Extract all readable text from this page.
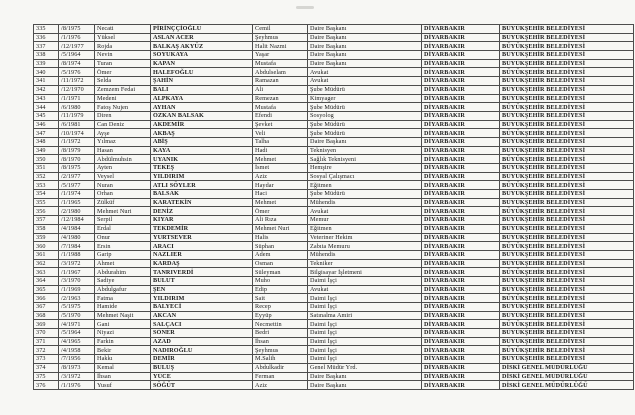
335	/8/1975	Necati	PİRİNÇÇİOĞLU	Cemil	Daire Başkanı	DİYARBAKIR	BÜYÜKŞEHİR BELEDİYESİ
336	/1/1976	Yüksel	ASLAN ACER	Şeyhmus	Daire Başkanı	DİYARBAKIR	BÜYÜKŞEHİR BELEDİYESİ
337	/12/1977	Rojda	BALKAŞ AKYÜZ	Halit Nazmi	Daire Başkanı	DİYARBAKIR	BÜYÜKŞEHİR BELEDİYESİ
338	/5/1964	Nevin	SOYUKAYA	Yaşar	Daire Başkanı	DİYARBAKIR	BÜYÜKŞEHİR BELEDİYESİ
339	/8/1974	Turan	KAPAN	Mustafa	Daire Başkanı	DİYARBAKIR	BÜYÜKŞEHİR BELEDİYESİ
340	/5/1976	Ömer	HALEFOĞLU	Abdulselam	Avukat	DİYARBAKIR	BÜYÜKŞEHİR BELEDİYESİ
341	/11/1972	Selda	ŞAHİN	Ramazan	Avukat	DİYARBAKIR	BÜYÜKŞEHİR BELEDİYESİ
342	/12/1970	Zemzem Fedai	BALI	Ali	Şube Müdürü	DİYARBAKIR	BÜYÜKŞEHİR BELEDİYESİ
343	/1/1971	Medeni	ALPKAYA	Remezan	Kimyager	DİYARBAKIR	BÜYÜKŞEHİR BELEDİYESİ
344	/6/1980	Fatoş Nujen	AYHAN	Mustafa	Şube Müdürü	DİYARBAKIR	BÜYÜKŞEHİR BELEDİYESİ
345	/11/1979	Diren	ÖZKAN BALSAK	Efendi	Sosyolog	DİYARBAKIR	BÜYÜKŞEHİR BELEDİYESİ
346	/6/1981	Can Deniz	AKDEMİR	Şevket	Şube Müdürü	DİYARBAKIR	BÜYÜKŞEHİR BELEDİYESİ
347	/10/1974	Ayşe	AKBAŞ	Veli	Şube Müdürü	DİYARBAKIR	BÜYÜKŞEHİR BELEDİYESİ
348	/1/1972	Yılmaz	ABİŞ	Talha	Daire Başkanı	DİYARBAKIR	BÜYÜKŞEHİR BELEDİYESİ
349	/8/1979	Hasan	KAYA	Hadi	Teknisyen	DİYARBAKIR	BÜYÜKŞEHİR BELEDİYESİ
350	/8/1970	Abdülmuhsin	UYANIK	Mehmet	Sağlık Teknisyeni	DİYARBAKIR	BÜYÜKŞEHİR BELEDİYESİ
351	/8/1975	Ayten	TEKEŞ	İsmet	Hemşire	DİYARBAKIR	BÜYÜKŞEHİR BELEDİYESİ
352	/2/1977	Veysel	YILDIRIM	Aziz	Sosyal Çalışmacı	DİYARBAKIR	BÜYÜKŞEHİR BELEDİYESİ
353	/5/1977	Nuran	ATLI SÖYLER	Haydar	Eğitmen	DİYARBAKIR	BÜYÜKŞEHİR BELEDİYESİ
354	/1/1974	Orhan	BALSAK	Haci	Şube Müdürü	DİYARBAKIR	BÜYÜKŞEHİR BELEDİYESİ
355	/1/1965	Zülküf	KARATEKİN	Mehmet	Mühendis	DİYARBAKIR	BÜYÜKŞEHİR BELEDİYESİ
356	/2/1980	Mehmet Nuri	DENİZ	Ömer	Avukat	DİYARBAKIR	BÜYÜKŞEHİR BELEDİYESİ
357	/12/1984	Serpil	KIYAR	Ali Rıza	Memur	DİYARBAKIR	BÜYÜKŞEHİR BELEDİYESİ
358	/4/1984	Erdal	TEKDEMİR	Mehmet Nuri	Eğitmen	DİYARBAKIR	BÜYÜKŞEHİR BELEDİYESİ
359	/4/1980	Onur	YURTSEVER	Halis	Veteriner Hekim	DİYARBAKIR	BÜYÜKŞEHİR BELEDİYESİ
360	/7/1984	Ersin	ARACI	Süphan	Zabıta Memuru	DİYARBAKIR	BÜYÜKŞEHİR BELEDİYESİ
361	/1/1988	Garip	NAZLIER	Adem	Mühendis	DİYARBAKIR	BÜYÜKŞEHİR BELEDİYESİ
362	/3/1972	Ahmet	KARDAŞ	Osman	Tekniker	DİYARBAKIR	BÜYÜKŞEHİR BELEDİYESİ
363	/1/1967	Abdurahim	TANRIVERDİ	Süleyman	Bilgisayar İşletmeni	DİYARBAKIR	BÜYÜKŞEHİR BELEDİYESİ
364	/3/1970	Sadiye	BULUT	Muho	Daimi İşçi	DİYARBAKIR	BÜYÜKŞEHİR BELEDİYESİ
365	/1/1969	Abdulgafur	ŞEN	Edip	Avukat	DİYARBAKIR	BÜYÜKŞEHİR BELEDİYESİ
366	/2/1963	Fatma	YILDIRIM	Sait	Daimi İşçi	DİYARBAKIR	BÜYÜKŞEHİR BELEDİYESİ
367	/5/1975	Hamide	BALYECİ	Recep	Daimi İşçi	DİYARBAKIR	BÜYÜKŞEHİR BELEDİYESİ
368	/5/1970	Mehmet Naşit	AKCAN	Eyyüp	Satınalma Amiri	DİYARBAKIR	BÜYÜKŞEHİR BELEDİYESİ
369	/4/1971	Gani	SALÇACI	Necmettin	Daimi İşçi	DİYARBAKIR	BÜYÜKŞEHİR BELEDİYESİ
370	/5/1964	Niyazi	SÖNER	Bedri	Daimi İşçi	DİYARBAKIR	BÜYÜKŞEHİR BELEDİYESİ
371	/4/1965	Farkin	AZAD	İhsan	Daimi İşçi	DİYARBAKIR	BÜYÜKŞEHİR BELEDİYESİ
372	/4/1958	Bekir	NADIROĞLU	Şeyhmus	Daimi İşçi	DİYARBAKIR	BÜYÜKŞEHİR BELEDİYESİ
373	/7/1956	Hakkı	DEMİR	M.Salih	Daimi İşçi	DİYARBAKIR	BÜYÜKŞEHİR BELEDİYESİ
374	/8/1973	Kemal	BULUŞ	Abdulkadir	Genel Müdür Yrd.	DİYARBAKIR	DİSKİ GENEL MÜDÜRLÜĞÜ
375	/3/1972	İhsan	YÜCE	Ferman	Daire Başkanı	DİYARBAKIR	DİSKİ GENEL MÜDÜRLÜĞÜ
376	/1/1976	Yusuf	SÖĞÜT	Aziz	Daire Başkanı	DİYARBAKIR	DİSKİ GENEL MÜDÜRLÜĞÜ
